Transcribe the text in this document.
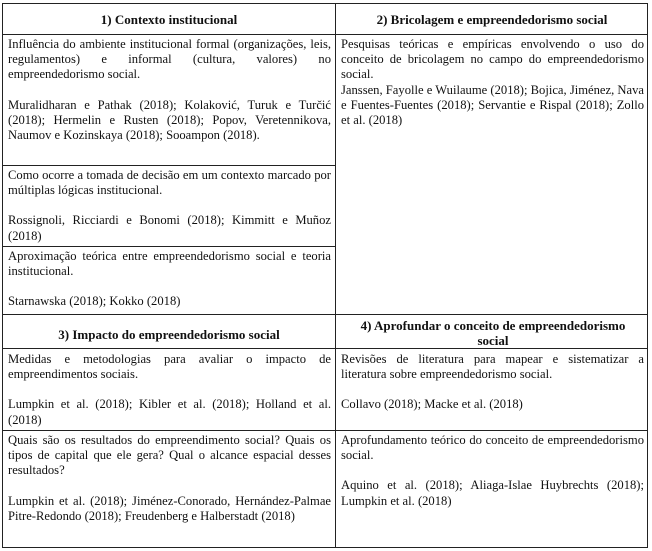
1) Contexto institucional

Influência do ambiente institucional formal (organizações, leis, regulamentos) e informal (cultura, valores) no empreendedorismo social.

Muralidharan e Pathak (2018); Kolaković, Turuk e Turčić (2018); Hermelin e Rusten (2018); Popov, Veretennikova, Naumov e Kozinskaya (2018); Sooampon (2018).

Como ocorre a tomada de decisão em um contexto marcado por múltiplas lógicas institucional.

Rossignoli, Ricciardi e Bonomi (2018); Kimmitt e Muñoz (2018)

Aproximação teórica entre empreendedorismo social e teoria institucional.

Starnawska (2018); Kokko (2018)

2) Bricolagem e empreendedorismo social

Pesquisas teóricas e empíricas envolvendo o uso do conceito de bricolagem no campo do empreendedorismo social.

Janssen, Fayolle e Wuilaume (2018); Bojica, Jiménez, Nava e Fuentes-Fuentes (2018); Servantie e Rispal (2018); Zollo et al. (2018)

3) Impacto do empreendedorismo social

Medidas e metodologias para avaliar o impacto de empreendimentos sociais.

Lumpkin et al. (2018); Kibler et al. (2018); Holland et al. (2018)

Quais são os resultados do empreendimento social? Quais os tipos de capital que ele gera? Qual o alcance espacial desses resultados?

Lumpkin et al. (2018); Jiménez-Conorado, Hernández-Palmae Pitre-Redondo (2018); Freudenberg e Halberstadt (2018)

4) Aprofundar o conceito de empreendedorismo social

Revisões de literatura para mapear e sistematizar a literatura sobre empreendedorismo social.

Collavo (2018); Macke et al. (2018)

Aprofundamento teórico do conceito de empreendedorismo social.

Aquino et al. (2018); Aliaga-Islae Huybrechts (2018); Lumpkin et al. (2018)
